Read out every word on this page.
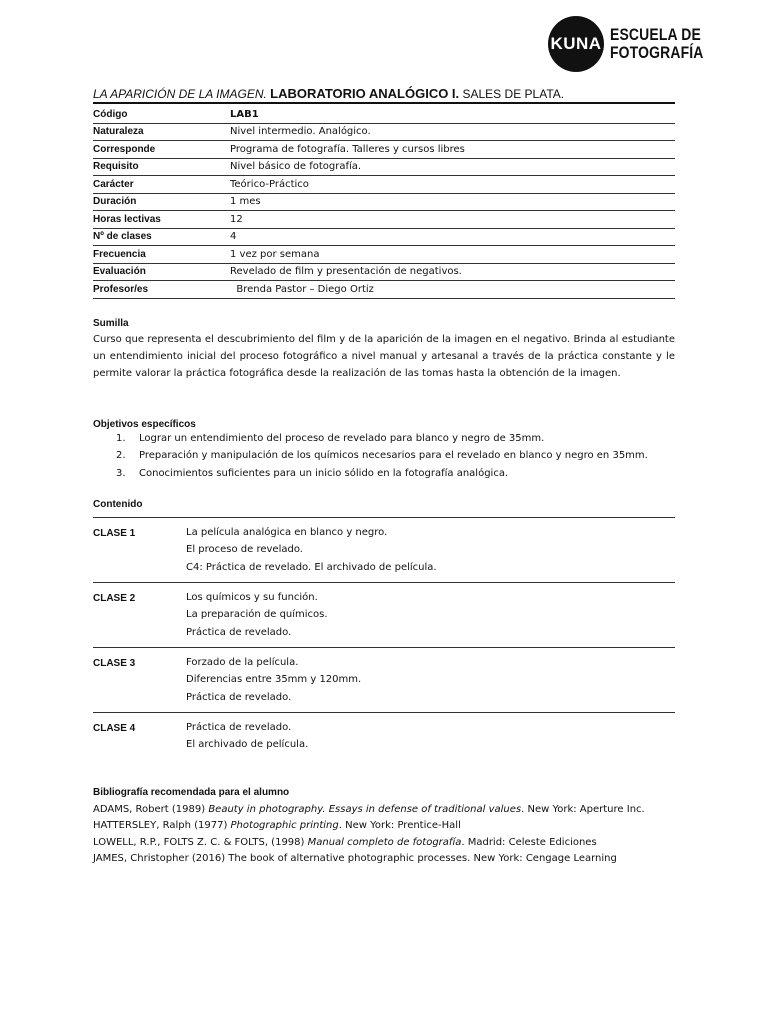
KUNA ESCUELA DE
FOTOGRAFÍA
LA APARICIÓN DE LA IMAGEN. LABORATORIO ANALÓGICO I. SALES DE PLATA.
Código	LAB1
Naturaleza	Nivel intermedio. Analógico.
Corresponde	Programa de fotografía. Talleres y cursos libres
Requisito	Nivel básico de fotografía.
Carácter	Teórico-Práctico
Duración	1 mes
Horas lectivas	12
Nº de clases	4
Frecuencia	1 vez por semana
Evaluación	Revelado de film y presentación de negativos.
Profesor/es	Brenda Pastor – Diego Ortiz
Sumilla
Curso que representa el descubrimiento del film y de la aparición de la imagen en el negativo. Brinda al estudiante un entendimiento inicial del proceso fotográfico a nivel manual y artesanal a través de la práctica constante y le permite valorar la práctica fotográfica desde la realización de las tomas hasta la obtención de la imagen.
Objetivos específicos
1.	Lograr un entendimiento del proceso de revelado para blanco y negro de 35mm.
2.	Preparación y manipulación de los químicos necesarios para el revelado en blanco y negro en 35mm.
3.	Conocimientos suficientes para un inicio sólido en la fotografía analógica.
Contenido
CLASE 1	La película analógica en blanco y negro.
El proceso de revelado.
C4: Práctica de revelado. El archivado de película.
CLASE 2	Los químicos y su función.
La preparación de químicos.
Práctica de revelado.
CLASE 3	Forzado de la película.
Diferencias entre 35mm y 120mm.
Práctica de revelado.
CLASE 4	Práctica de revelado.
El archivado de película.
Bibliografía recomendada para el alumno
ADAMS, Robert (1989) Beauty in photography. Essays in defense of traditional values. New York: Aperture Inc.
HATTERSLEY, Ralph (1977) Photographic printing. New York: Prentice-Hall
LOWELL, R.P., FOLTS Z. C. & FOLTS, (1998) Manual completo de fotografía. Madrid: Celeste Ediciones
JAMES, Christopher (2016) The book of alternative photographic processes. New York: Cengage Learning
